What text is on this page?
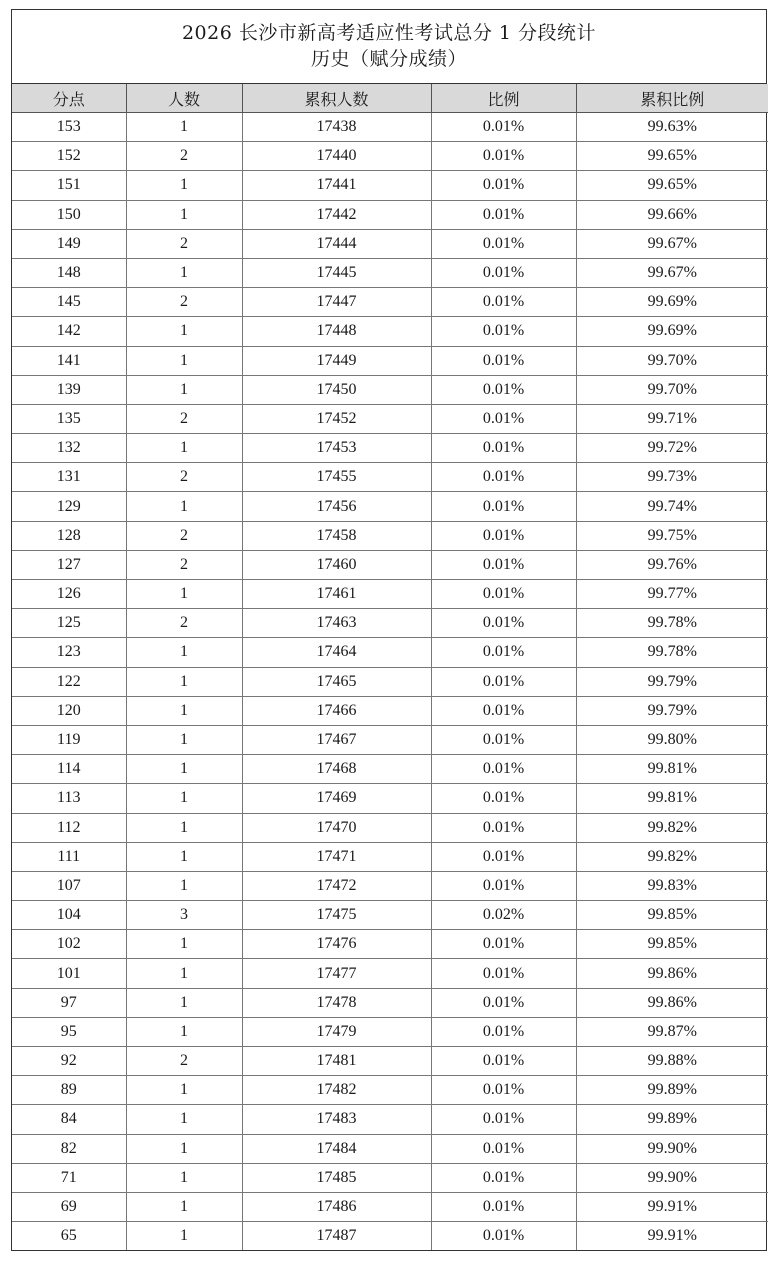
2026 长沙市新高考适应性考试总分 1 分段统计
历史（赋分成绩）
分点	人数	累积人数	比例	累积比例
153	1	17438	0.01%	99.63%
152	2	17440	0.01%	99.65%
151	1	17441	0.01%	99.65%
150	1	17442	0.01%	99.66%
149	2	17444	0.01%	99.67%
148	1	17445	0.01%	99.67%
145	2	17447	0.01%	99.69%
142	1	17448	0.01%	99.69%
141	1	17449	0.01%	99.70%
139	1	17450	0.01%	99.70%
135	2	17452	0.01%	99.71%
132	1	17453	0.01%	99.72%
131	2	17455	0.01%	99.73%
129	1	17456	0.01%	99.74%
128	2	17458	0.01%	99.75%
127	2	17460	0.01%	99.76%
126	1	17461	0.01%	99.77%
125	2	17463	0.01%	99.78%
123	1	17464	0.01%	99.78%
122	1	17465	0.01%	99.79%
120	1	17466	0.01%	99.79%
119	1	17467	0.01%	99.80%
114	1	17468	0.01%	99.81%
113	1	17469	0.01%	99.81%
112	1	17470	0.01%	99.82%
111	1	17471	0.01%	99.82%
107	1	17472	0.01%	99.83%
104	3	17475	0.02%	99.85%
102	1	17476	0.01%	99.85%
101	1	17477	0.01%	99.86%
97	1	17478	0.01%	99.86%
95	1	17479	0.01%	99.87%
92	2	17481	0.01%	99.88%
89	1	17482	0.01%	99.89%
84	1	17483	0.01%	99.89%
82	1	17484	0.01%	99.90%
71	1	17485	0.01%	99.90%
69	1	17486	0.01%	99.91%
65	1	17487	0.01%	99.91%
